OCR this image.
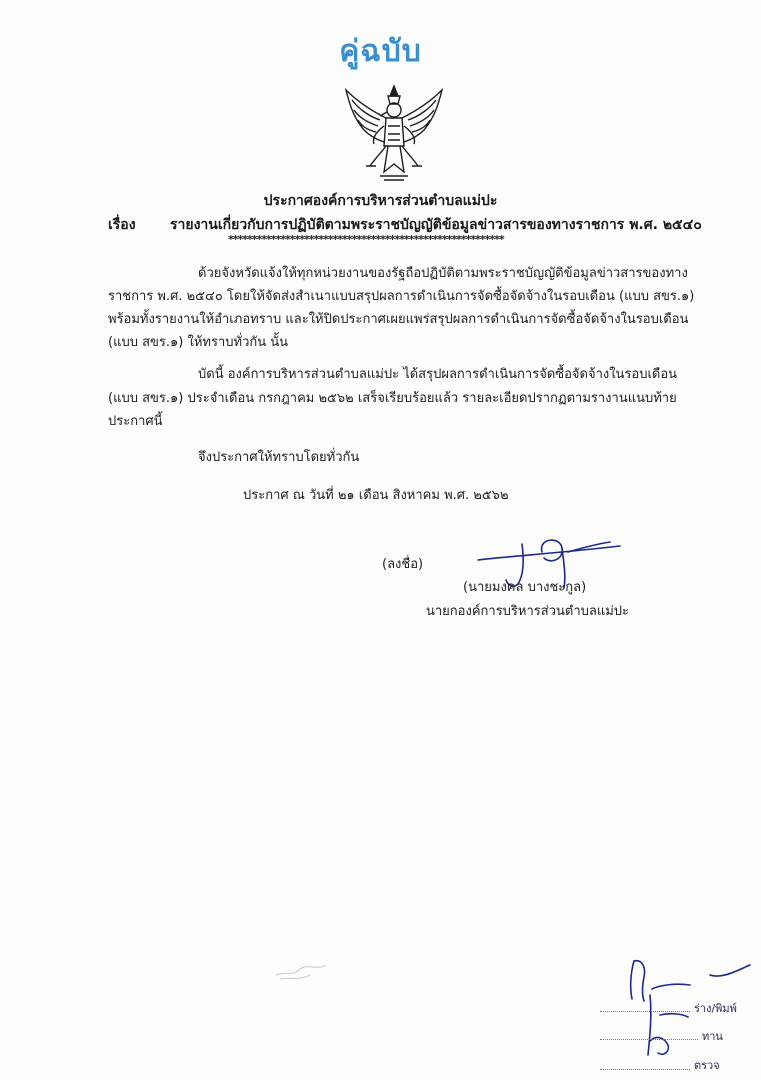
คู่ฉบับ
ประกาศองค์การบริหารส่วนตำบลแม่ปะ
เรื่อง รายงานเกี่ยวกับการปฏิบัติตามพระราชบัญญัติข้อมูลข่าวสารของทางราชการ พ.ศ. ๒๕๔๐
**********************************************************
ด้วยจังหวัดแจ้งให้ทุกหน่วยงานของรัฐถือปฏิบัติตามพระราชบัญญัติข้อมูลข่าวสารของทาง
ราชการ พ.ศ. ๒๕๔๐ โดยให้จัดส่งสำเนาแบบสรุปผลการดำเนินการจัดซื้อจัดจ้างในรอบเดือน (แบบ สขร.๑)
พร้อมทั้งรายงานให้อำเภอทราบ และให้ปิดประกาศเผยแพร่สรุปผลการดำเนินการจัดซื้อจัดจ้างในรอบเดือน
(แบบ สขร.๑) ให้ทราบทั่วกัน นั้น
บัดนี้ องค์การบริหารส่วนตำบลแม่ปะ ได้สรุปผลการดำเนินการจัดซื้อจัดจ้างในรอบเดือน
(แบบ สขร.๑) ประจำเดือน กรกฎาคม ๒๕๖๒ เสร็จเรียบร้อยแล้ว รายละเอียดปรากฏตามรางานแนบท้าย
ประกาศนี้
จึงประกาศให้ทราบโดยทั่วกัน
ประกาศ ณ วันที่ ๒๑ เดือน สิงหาคม พ.ศ. ๒๕๖๒
(ลงชื่อ)
(นายมงคล บางชะกูล)
นายกองค์การบริหารส่วนตำบลแม่ปะ
ร่าง/พิมพ์
ทาน
ตรวจ
